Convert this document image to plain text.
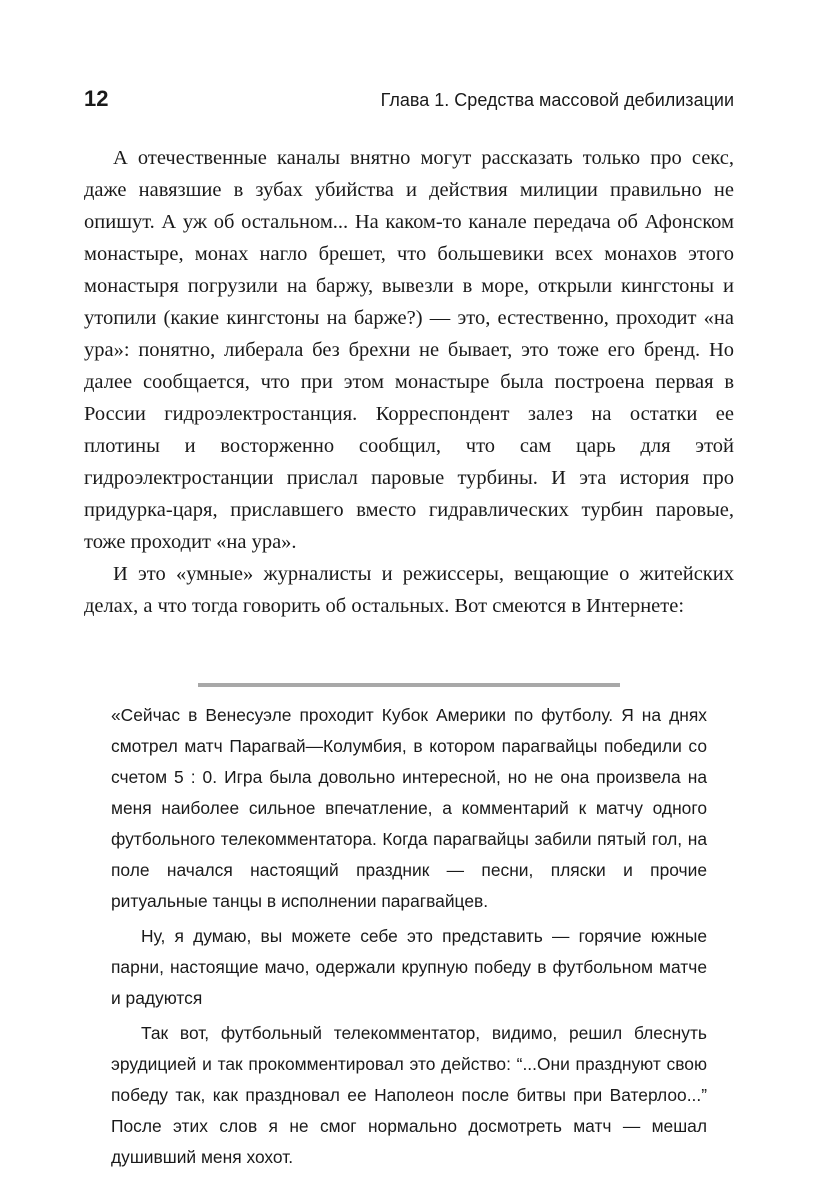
12	Глава 1. Средства массовой дебилизации

А отечественные каналы внятно могут рассказать только про секс, даже навязшие в зубах убийства и действия милиции правильно не опишут. А уж об остальном... На каком-то канале передача об Афонском монастыре, монах нагло брешет, что большевики всех монахов этого монастыря погрузили на баржу, вывезли в море, открыли кингстоны и утопили (какие кингстоны на барже?) — это, естественно, проходит «на ура»: понятно, либерала без брехни не бывает, это тоже его бренд. Но далее сообщается, что при этом монастыре была построена первая в России гидроэлектростанция. Корреспондент залез на остатки ее плотины и восторженно сообщил, что сам царь для этой гидроэлектростанции прислал паровые турбины. И эта история про придурка-царя, приславшего вместо гидравлических турбин паровые, тоже проходит «на ура».

И это «умные» журналисты и режиссеры, вещающие о житейских делах, а что тогда говорить об остальных. Вот смеются в Интернете:

«Сейчас в Венесуэле проходит Кубок Америки по футболу. Я на днях смотрел матч Парагвай—Колумбия, в котором парагвайцы победили со счетом 5 : 0. Игра была довольно интересной, но не она произвела на меня наиболее сильное впечатление, а комментарий к матчу одного футбольного телекомментатора. Когда парагвайцы забили пятый гол, на поле начался настоящий праздник — песни, пляски и прочие ритуальные танцы в исполнении парагвайцев.

Ну, я думаю, вы можете себе это представить — горячие южные парни, настоящие мачо, одержали крупную победу в футбольном матче и радуются

Так вот, футбольный телекомментатор, видимо, решил блеснуть эрудицией и так прокомментировал это действо: “...Они празднуют свою победу так, как праздновал ее Наполеон после битвы при Ватерлоо...” После этих слов я не смог нормально досмотреть матч — мешал душивший меня хохот.
